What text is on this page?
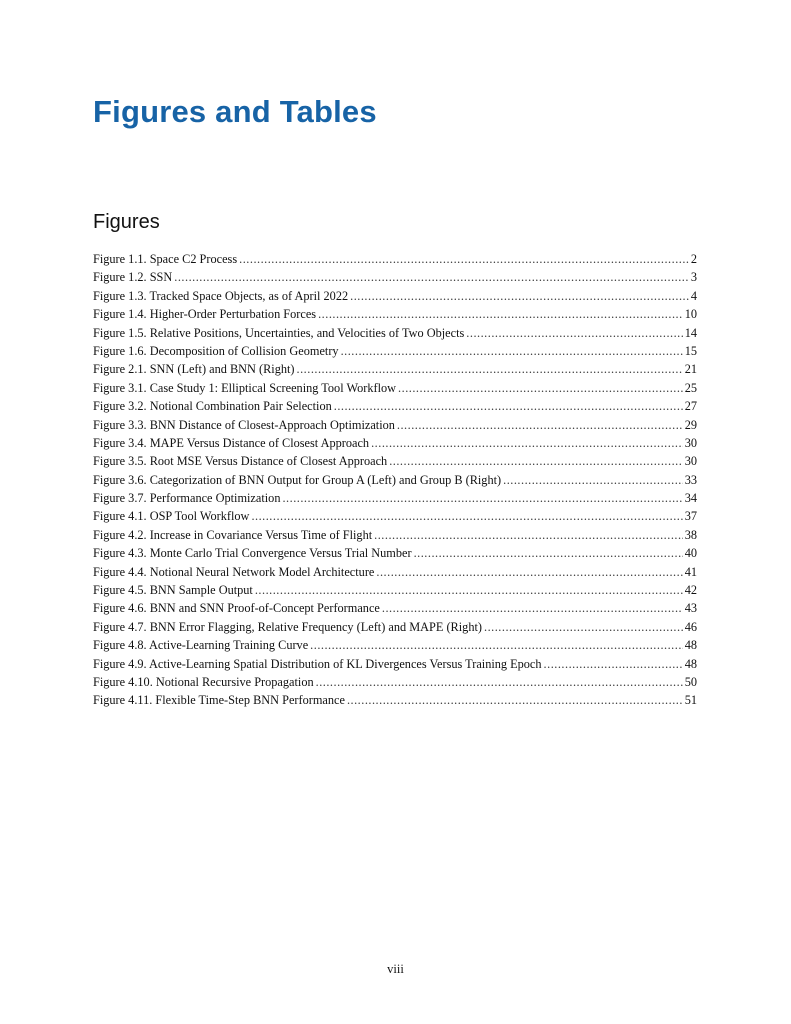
Figures and Tables
Figures
Figure 1.1. Space C2 Process .....	2
Figure 1.2. SSN .....	3
Figure 1.3. Tracked Space Objects, as of April 2022 .....	4
Figure 1.4. Higher-Order Perturbation Forces .....	10
Figure 1.5. Relative Positions, Uncertainties, and Velocities of Two Objects .....	14
Figure 1.6. Decomposition of Collision Geometry .....	15
Figure 2.1. SNN (Left) and BNN (Right) .....	21
Figure 3.1. Case Study 1: Elliptical Screening Tool Workflow .....	25
Figure 3.2. Notional Combination Pair Selection .....	27
Figure 3.3. BNN Distance of Closest-Approach Optimization .....	29
Figure 3.4. MAPE Versus Distance of Closest Approach .....	30
Figure 3.5. Root MSE Versus Distance of Closest Approach .....	30
Figure 3.6. Categorization of BNN Output for Group A (Left) and Group B (Right) .....	33
Figure 3.7. Performance Optimization .....	34
Figure 4.1. OSP Tool Workflow .....	37
Figure 4.2. Increase in Covariance Versus Time of Flight .....	38
Figure 4.3. Monte Carlo Trial Convergence Versus Trial Number .....	40
Figure 4.4. Notional Neural Network Model Architecture .....	41
Figure 4.5. BNN Sample Output .....	42
Figure 4.6. BNN and SNN Proof-of-Concept Performance .....	43
Figure 4.7. BNN Error Flagging, Relative Frequency (Left) and MAPE (Right) .....	46
Figure 4.8. Active-Learning Training Curve .....	48
Figure 4.9. Active-Learning Spatial Distribution of KL Divergences Versus Training Epoch .....	48
Figure 4.10. Notional Recursive Propagation .....	50
Figure 4.11. Flexible Time-Step BNN Performance .....	51
viii
